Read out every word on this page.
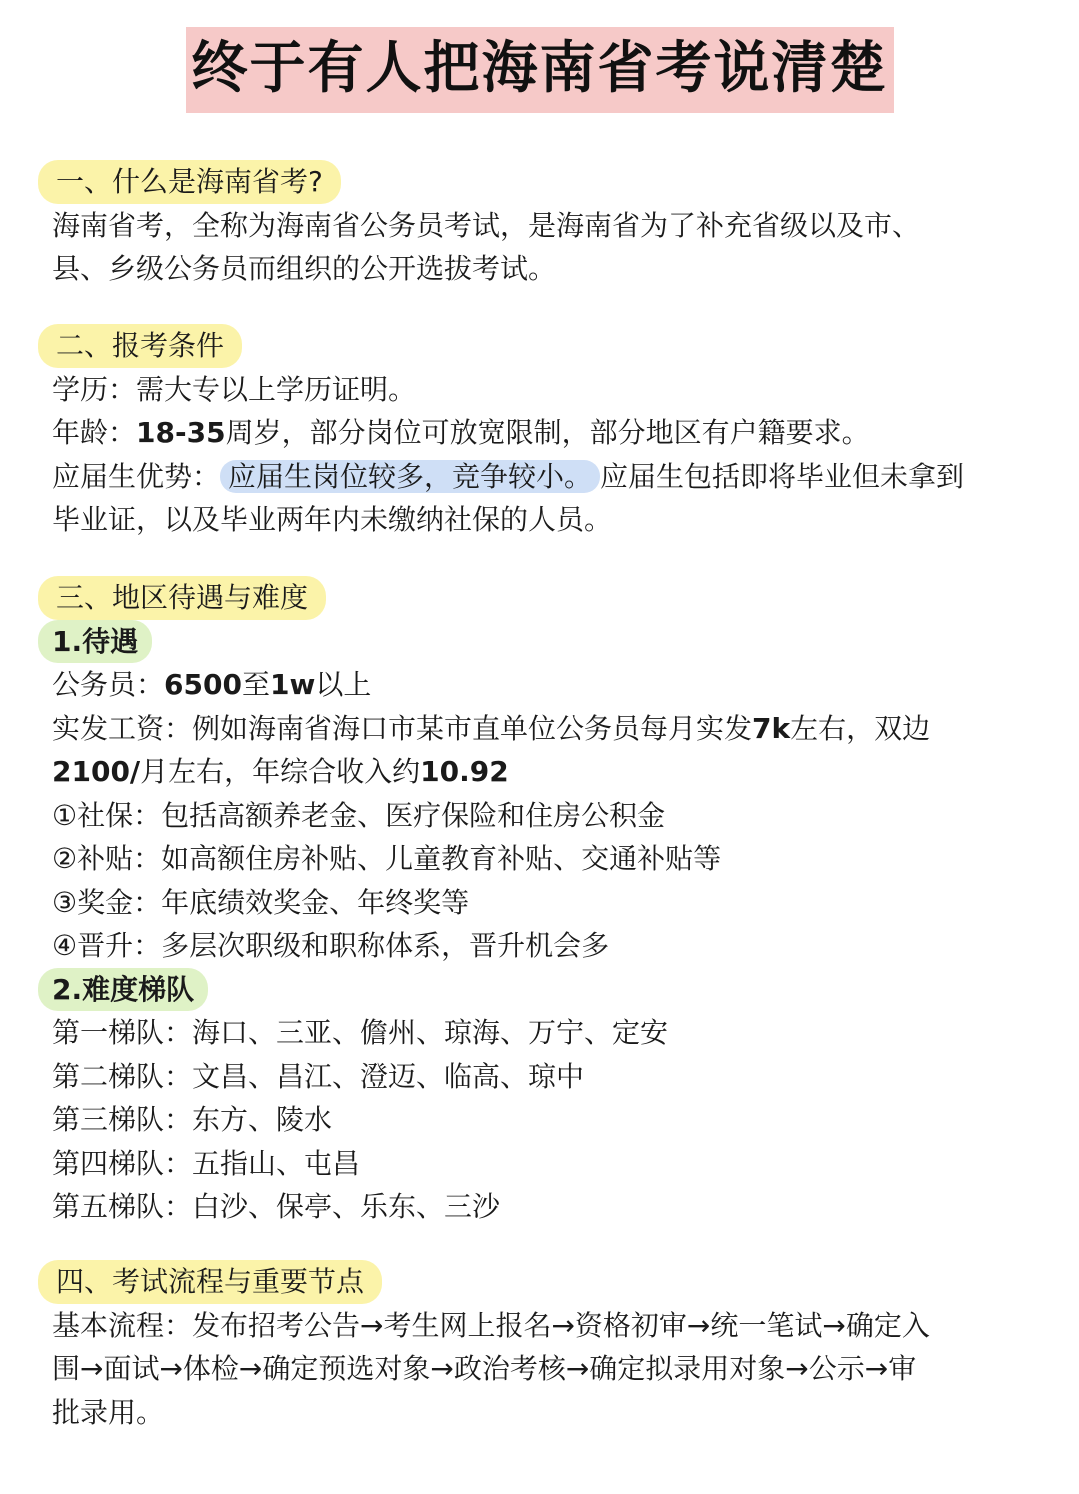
终于有人把海南省考说清楚
一、什么是海南省考?
海南省考，全称为海南省公务员考试，是海南省为了补充省级以及市、
县、乡级公务员而组织的公开选拔考试。
二、报考条件
学历：需大专以上学历证明。
年龄：18-35周岁，部分岗位可放宽限制，部分地区有户籍要求。
应届生优势： 应届生岗位较多，竞争较小。 应届生包括即将毕业但未拿到
毕业证，以及毕业两年内未缴纳社保的人员。
三、地区待遇与难度
1.待遇
公务员：6500至1w以上
实发工资：例如海南省海口市某市直单位公务员每月实发7k左右，双边
2100/月左右，年综合收入约10.92
①社保：包括高额养老金、医疗保险和住房公积金
②补贴：如高额住房补贴、儿童教育补贴、交通补贴等
③奖金：年底绩效奖金、年终奖等
④晋升：多层次职级和职称体系，晋升机会多
2.难度梯队
第一梯队：海口、三亚、儋州、琼海、万宁、定安
第二梯队：文昌、昌江、澄迈、临高、琼中
第三梯队：东方、陵水
第四梯队：五指山、屯昌
第五梯队：白沙、保亭、乐东、三沙
四、考试流程与重要节点
基本流程：发布招考公告→考生网上报名→资格初审→统一笔试→确定入
围→面试→体检→确定预选对象→政治考核→确定拟录用对象→公示→审
批录用。
